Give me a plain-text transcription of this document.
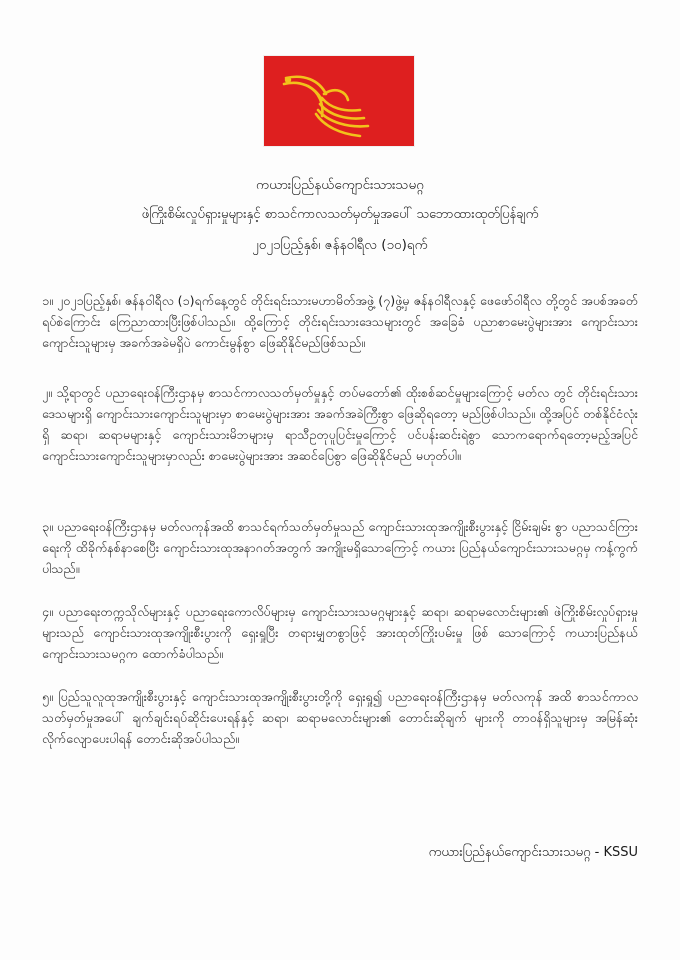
ကယားပြည်နယ်ကျောင်းသားသမဂ္ဂ
ဖဲကြိုးစိမ်းလှုပ်ရှားမှုများနှင့် စာသင်ကာလသတ်မှတ်မှုအပေါ် သဘောထားထုတ်ပြန်ချက်
၂၀၂၁ပြည့်နှစ်၊ ဇန်နဝါရီလ (၁၀)ရက်

၁။ ၂၀၂၁ပြည့်နှစ်၊ ဇန်နဝါရီလ (၁)ရက်နေ့တွင် တိုင်းရင်းသားမဟာမိတ်အဖွဲ့ (၇)ဖွဲ့မှ ဇန်နဝါရီလနှင့် ဖေဖော်ဝါရီလ တို့တွင် အပစ်အခတ်ရပ်စဲကြောင်း ကြေညာထားပြီးဖြစ်ပါသည်။ ထို့ကြောင့် တိုင်းရင်းသားဒေသများတွင် အခြေခံ ပညာစာမေးပွဲများအား ကျောင်းသားကျောင်းသူများမှ အခက်အခဲမရှိပဲ ကောင်းမွန်စွာ ဖြေဆိုနိုင်မည်ဖြစ်သည်။

၂။ သို့ရာတွင် ပညာရေးဝန်ကြီးဌာနမှ စာသင်ကာလသတ်မှတ်မှုနှင့် တပ်မတော်၏ ထိုးစစ်ဆင်မှုများကြောင့် မတ်လ တွင် တိုင်းရင်းသားဒေသများရှိ ကျောင်းသားကျောင်းသူများမှာ စာမေးပွဲများအား အခက်အခဲကြီးစွာ ဖြေဆိုရတော့ မည်ဖြစ်ပါသည်။ ထို့အပြင် တစ်နိုင်ငံလုံးရှိ ဆရာ၊ ဆရာမများနှင့် ကျောင်းသားမိဘများမှ ရာသီဥတုပူပြင်းမှုကြောင့် ပင်ပန်းဆင်းရဲစွာ သောကရောက်ရတော့မည့်အပြင် ကျောင်းသားကျောင်းသူများမှာလည်း စာမေးပွဲများအား အဆင်ပြေစွာ ဖြေဆိုနိုင်မည် မဟုတ်ပါ။

၃။ ပညာရေးဝန်ကြီးဌာနမှ မတ်လကုန်အထိ စာသင်ရက်သတ်မှတ်မှုသည် ကျောင်းသားထုအကျိုးစီးပွားနှင့် ငြိမ်းချမ်း စွာ ပညာသင်ကြားရေးကို ထိခိုက်နစ်နာစေပြီး ကျောင်းသားထုအနာဂတ်အတွက် အကျိုးမရှိသောကြောင့် ကယား ပြည်နယ်ကျောင်းသားသမဂ္ဂမှ ကန့်ကွက်ပါသည်။

၄။ ပညာရေးတက္ကသိုလ်များနှင့် ပညာရေးကောလိပ်များမှ ကျောင်းသားသမဂ္ဂများနှင့် ဆရာ၊ ဆရာမလောင်းများ၏ ဖဲကြိုးစိမ်းလှုပ်ရှားမှုများသည် ကျောင်းသားထုအကျိုးစီးပွားကို ရှေးရှုပြီး တရားမျှတစွာဖြင့် အားထုတ်ကြိုးပမ်းမှု ဖြစ် သောကြောင့် ကယားပြည်နယ်ကျောင်းသားသမဂ္ဂက ထောက်ခံပါသည်။

၅။ ပြည်သူလူထုအကျိုးစီးပွားနှင့် ကျောင်းသားထုအကျိုးစီးပွားတို့ကို ရှေးရှု၍ ပညာရေးဝန်ကြီးဌာနမှ မတ်လကုန် အထိ စာသင်ကာလသတ်မှတ်မှုအပေါ် ချက်ချင်းရပ်ဆိုင်းပေးရန်နှင့် ဆရာ၊ ဆရာမလောင်းများ၏ တောင်းဆိုချက် များကို တာဝန်ရှိသူများမှ အမြန်ဆုံးလိုက်လျောပေးပါရန် တောင်းဆိုအပ်ပါသည်။

ကယားပြည်နယ်ကျောင်းသားသမဂ္ဂ - KSSU
